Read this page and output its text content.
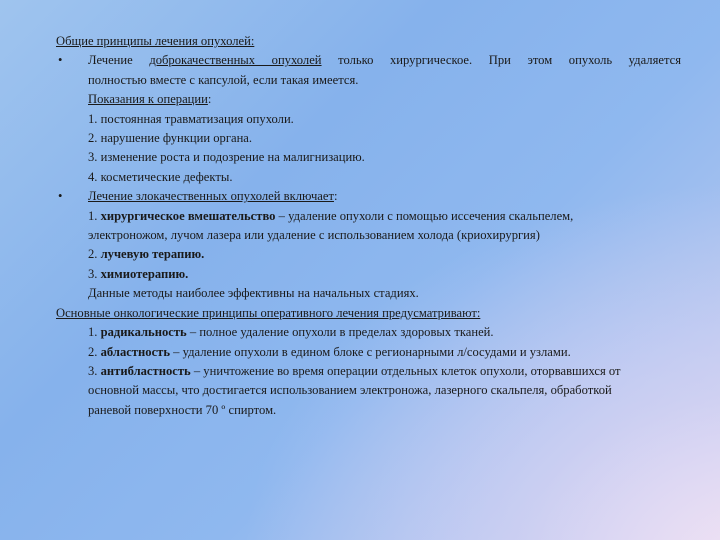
Общие принципы лечения опухолей:
• Лечение доброкачественных опухолей только хирургическое. При этом опухоль удаляется
полностью вместе с капсулой, если такая имеется.
Показания к операции:
1. постоянная травматизация опухоли.
2. нарушение функции органа.
3. изменение роста и подозрение на малигнизацию.
4. косметические дефекты.
• Лечение злокачественных опухолей включает:
1. хирургическое вмешательство – удаление опухоли с помощью иссечения скальпелем,
электроножом, лучом лазера или удаление с использованием холода (криохирургия)
2. лучевую терапию.
3. химиотерапию.
Данные методы наиболее эффективны на начальных стадиях.
Основные онкологические принципы оперативного лечения предусматривают:
1. радикальность – полное удаление опухоли в пределах здоровых тканей.
2. абластность – удаление опухоли в едином блоке с регионарными л/сосудами и узлами.
3. антибластность – уничтожение во время операции отдельных клеток опухоли, оторвавшихся от
основной массы, что достигается использованием электроножа, лазерного скальпеля, обработкой
раневой поверхности 70 º спиртом.
